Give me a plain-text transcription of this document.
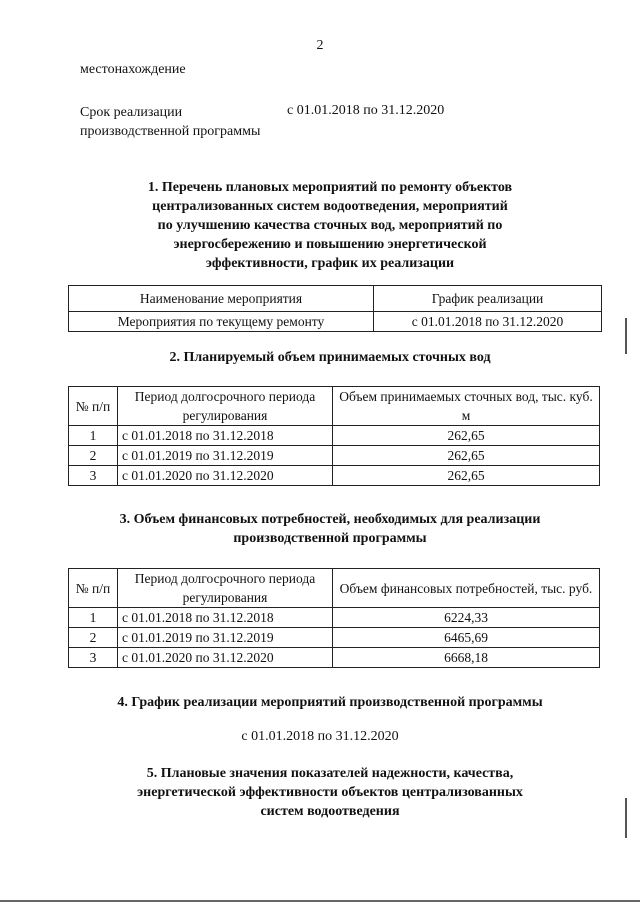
2
местонахождение
Срок реализации
производственной программы
с 01.01.2018 по 31.12.2020
1. Перечень плановых мероприятий по ремонту объектов
централизованных систем водоотведения, мероприятий
по улучшению качества сточных вод, мероприятий по
энергосбережению и повышению энергетической
эффективности, график их реализации
Наименование мероприятия	График реализации
Мероприятия по текущему ремонту	с 01.01.2018 по 31.12.2020
2. Планируемый объем принимаемых сточных вод
№ п/п	Период долгосрочного периода регулирования	Объем принимаемых сточных вод, тыс. куб. м
1	с 01.01.2018 по 31.12.2018	262,65
2	с 01.01.2019 по 31.12.2019	262,65
3	с 01.01.2020 по 31.12.2020	262,65
3. Объем финансовых потребностей, необходимых для реализации
производственной программы
№ п/п	Период долгосрочного периода регулирования	Объем финансовых потребностей, тыс. руб.
1	с 01.01.2018 по 31.12.2018	6224,33
2	с 01.01.2019 по 31.12.2019	6465,69
3	с 01.01.2020 по 31.12.2020	6668,18
4. График реализации мероприятий производственной программы
с 01.01.2018 по 31.12.2020
5. Плановые значения показателей надежности, качества,
энергетической эффективности объектов централизованных
систем водоотведения
